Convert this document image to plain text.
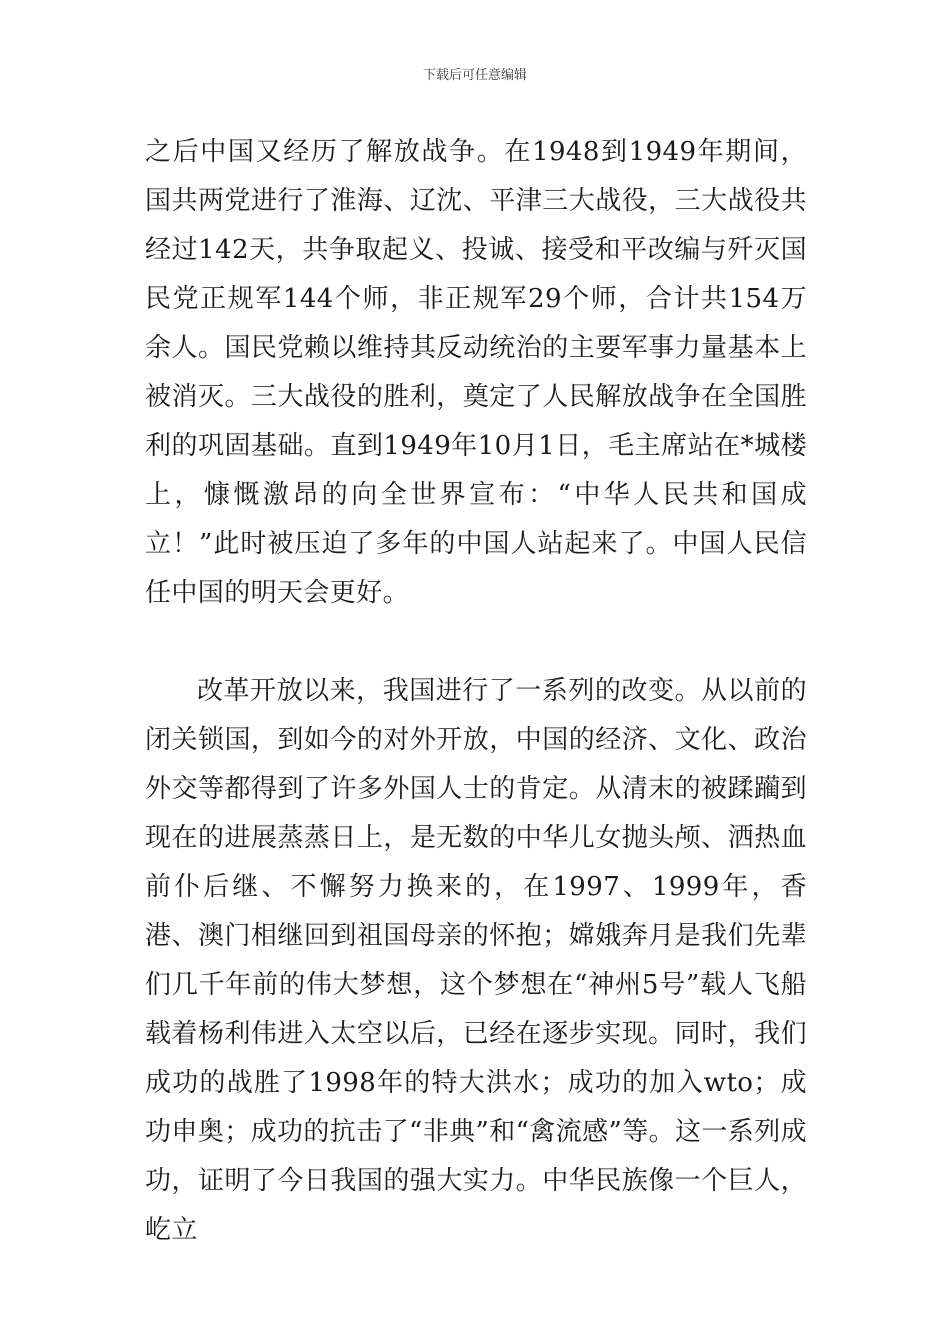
下载后可任意编辑

之后中国又经历了解放战争。在1948到1949年期间，国共两党进行了淮海、辽沈、平津三大战役，三大战役共经过142天，共争取起义、投诚、接受和平改编与歼灭国民党正规军144个师，非正规军29个师，合计共154万余人。国民党赖以维持其反动统治的主要军事力量基本上被消灭。三大战役的胜利，奠定了人民解放战争在全国胜利的巩固基础。直到1949年10月1日，毛主席站在*城楼上，慷慨激昂的向全世界宣布：“中华人民共和国成立！”此时被压迫了多年的中国人站起来了。中国人民信任中国的明天会更好。

改革开放以来，我国进行了一系列的改变。从以前的闭关锁国，到如今的对外开放，中国的经济、文化、政治外交等都得到了许多外国人士的肯定。从清末的被蹂躏到现在的进展蒸蒸日上，是无数的中华儿女抛头颅、洒热血前仆后继、不懈努力换来的，在1997、1999年，香港、澳门相继回到祖国母亲的怀抱；嫦娥奔月是我们先辈们几千年前的伟大梦想，这个梦想在“神州5号”载人飞船载着杨利伟进入太空以后，已经在逐步实现。同时，我们成功的战胜了1998年的特大洪水；成功的加入wto；成功申奥；成功的抗击了“非典”和“禽流感”等。这一系列成功，证明了今日我国的强大实力。中华民族像一个巨人，屹立
